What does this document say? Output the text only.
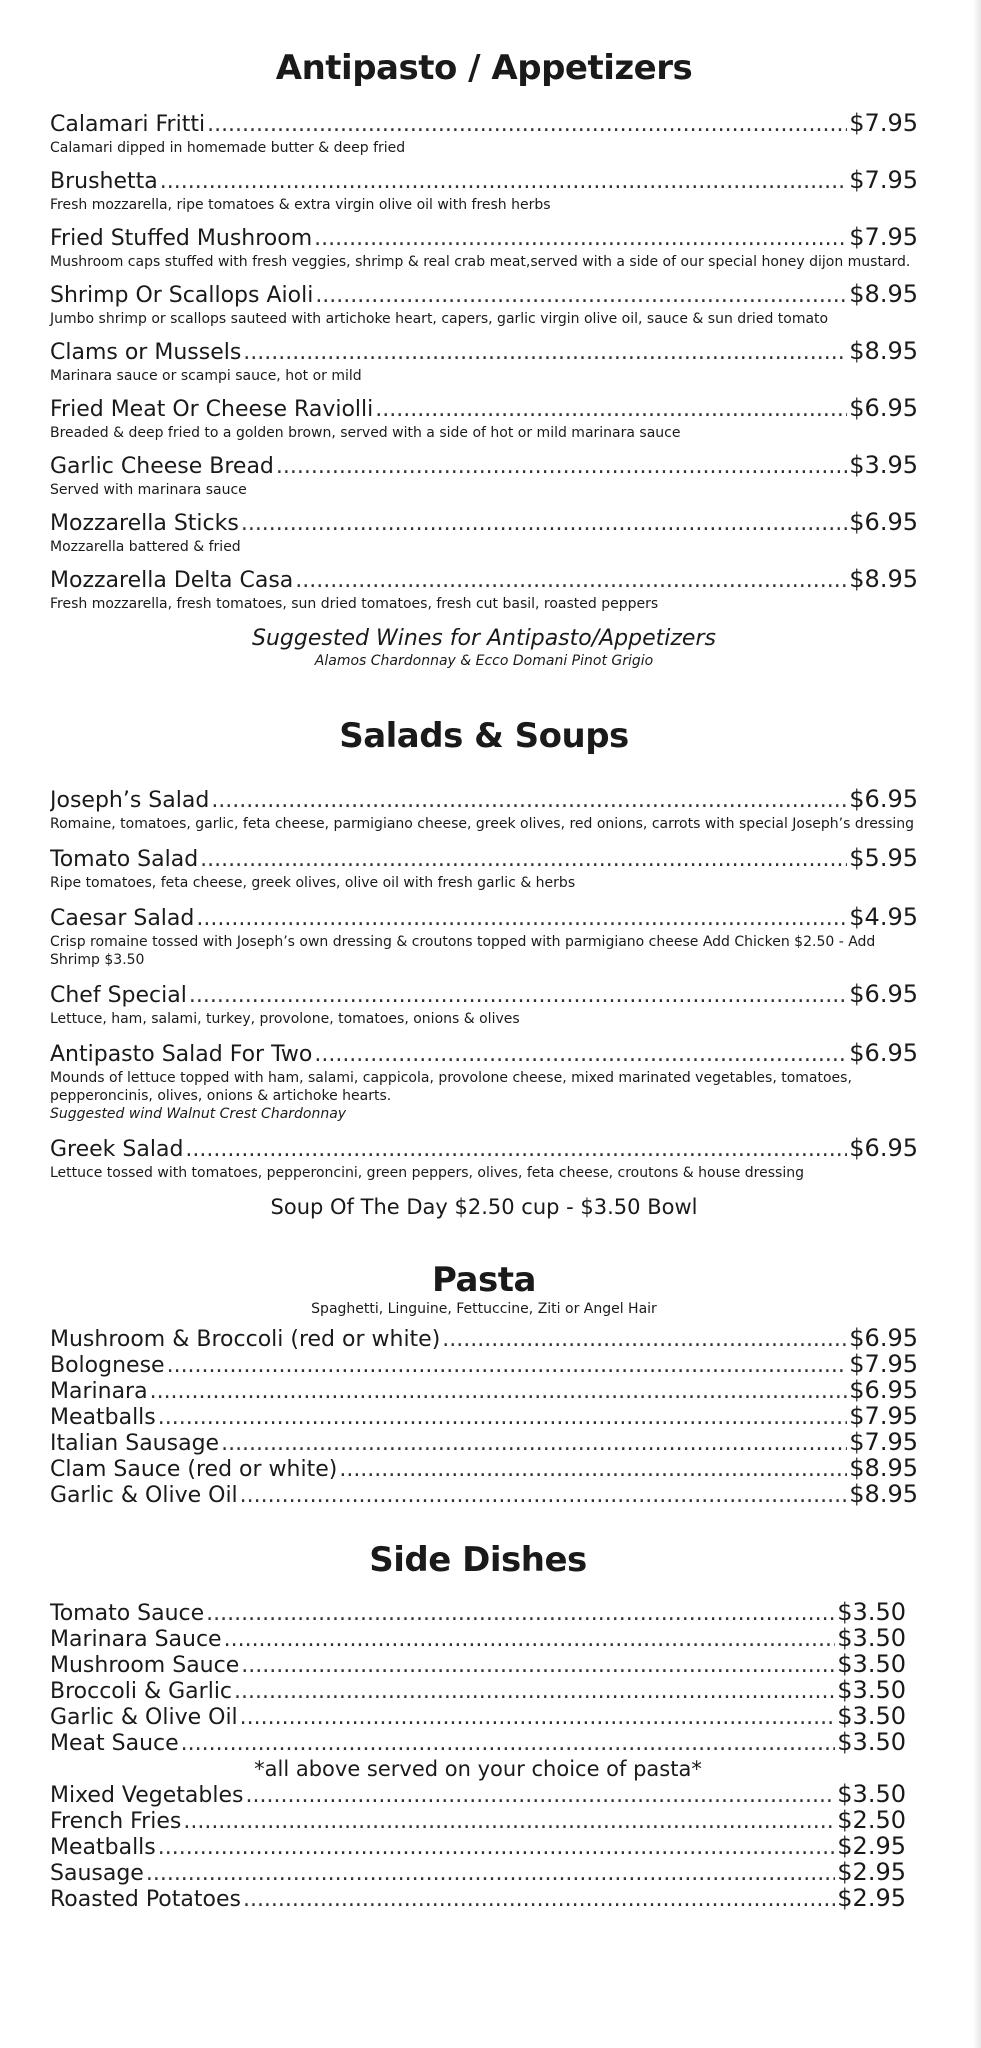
Antipasto / Appetizers
Calamari Fritti .....	$7.95
Calamari dipped in homemade butter & deep fried
Brushetta .....	$7.95
Fresh mozzarella, ripe tomatoes & extra virgin olive oil with fresh herbs
Fried Stuffed Mushroom .....	$7.95
Mushroom caps stuffed with fresh veggies, shrimp & real crab meat,served with a side of our special honey dijon mustard.
Shrimp Or Scallops Aioli .....	$8.95
Jumbo shrimp or scallops sauteed with artichoke heart, capers, garlic virgin olive oil, sauce & sun dried tomato
Clams or Mussels .....	$8.95
Marinara sauce or scampi sauce, hot or mild
Fried Meat Or Cheese Raviolli .....	$6.95
Breaded & deep fried to a golden brown, served with a side of hot or mild marinara sauce
Garlic Cheese Bread .....	$3.95
Served with marinara sauce
Mozzarella Sticks .....	$6.95
Mozzarella battered & fried
Mozzarella Delta Casa .....	$8.95
Fresh mozzarella, fresh tomatoes, sun dried tomatoes, fresh cut basil, roasted peppers
Suggested Wines for Antipasto/Appetizers
Alamos Chardonnay & Ecco Domani Pinot Grigio
Salads & Soups
Joseph’s Salad .....	$6.95
Romaine, tomatoes, garlic, feta cheese, parmigiano cheese, greek olives, red onions, carrots with special Joseph’s dressing
Tomato Salad .....	$5.95
Ripe tomatoes, feta cheese, greek olives, olive oil with fresh garlic & herbs
Caesar Salad .....	$4.95
Crisp romaine tossed with Joseph’s own dressing & croutons topped with parmigiano cheese Add Chicken $2.50 - Add Shrimp $3.50
Chef Special .....	$6.95
Lettuce, ham, salami, turkey, provolone, tomatoes, onions & olives
Antipasto Salad For Two .....	$6.95
Mounds of lettuce topped with ham, salami, cappicola, provolone cheese, mixed marinated vegetables, tomatoes, pepperoncinis, olives, onions & artichoke hearts.
Suggested wind Walnut Crest Chardonnay
Greek Salad .....	$6.95
Lettuce tossed with tomatoes, pepperoncini, green peppers, olives, feta cheese, croutons & house dressing
Soup Of The Day $2.50 cup - $3.50 Bowl
Pasta
Spaghetti, Linguine, Fettuccine, Ziti or Angel Hair
Mushroom & Broccoli (red or white) .....	$6.95
Bolognese .....	$7.95
Marinara .....	$6.95
Meatballs .....	$7.95
Italian Sausage .....	$7.95
Clam Sauce (red or white) .....	$8.95
Garlic & Olive Oil .....	$8.95
Side Dishes
Tomato Sauce .....	$3.50
Marinara Sauce .....	$3.50
Mushroom Sauce .....	$3.50
Broccoli & Garlic .....	$3.50
Garlic & Olive Oil .....	$3.50
Meat Sauce .....	$3.50
*all above served on your choice of pasta*
Mixed Vegetables .....	$3.50
French Fries .....	$2.50
Meatballs .....	$2.95
Sausage .....	$2.95
Roasted Potatoes .....	$2.95
